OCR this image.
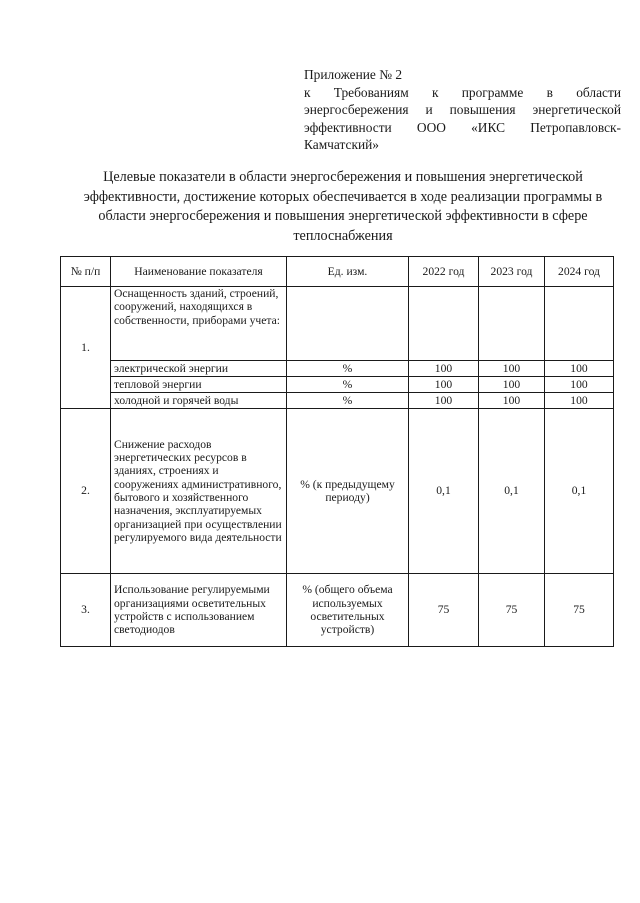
Приложение № 2
к Требованиям к программе в области энергосбережения и повышения энергетической эффективности ООО «ИКС Петропавловск-Камчатский»
Целевые показатели в области энергосбережения и повышения энергетической эффективности, достижение которых обеспечивается в ходе реализации программы в области энергосбережения и повышения энергетической эффективности в сфере теплоснабжения
№ п/п	Наименование показателя	Ед. изм.	2022 год	2023 год	2024 год
1.	Оснащенность зданий, строений, сооружений, находящихся в собственности, приборами учета:				
	электрической энергии	%	100	100	100
	тепловой энергии	%	100	100	100
	холодной и горячей воды	%	100	100	100
2.	Снижение расходов энергетических ресурсов в зданиях, строениях и сооружениях административного, бытового и хозяйственного назначения, эксплуатируемых организацией при осуществлении регулируемого вида деятельности	% (к предыдущему периоду)	0,1	0,1	0,1
3.	Использование регулируемыми организациями осветительных устройств с использованием светодиодов	% (общего объема используемых осветительных устройств)	75	75	75
